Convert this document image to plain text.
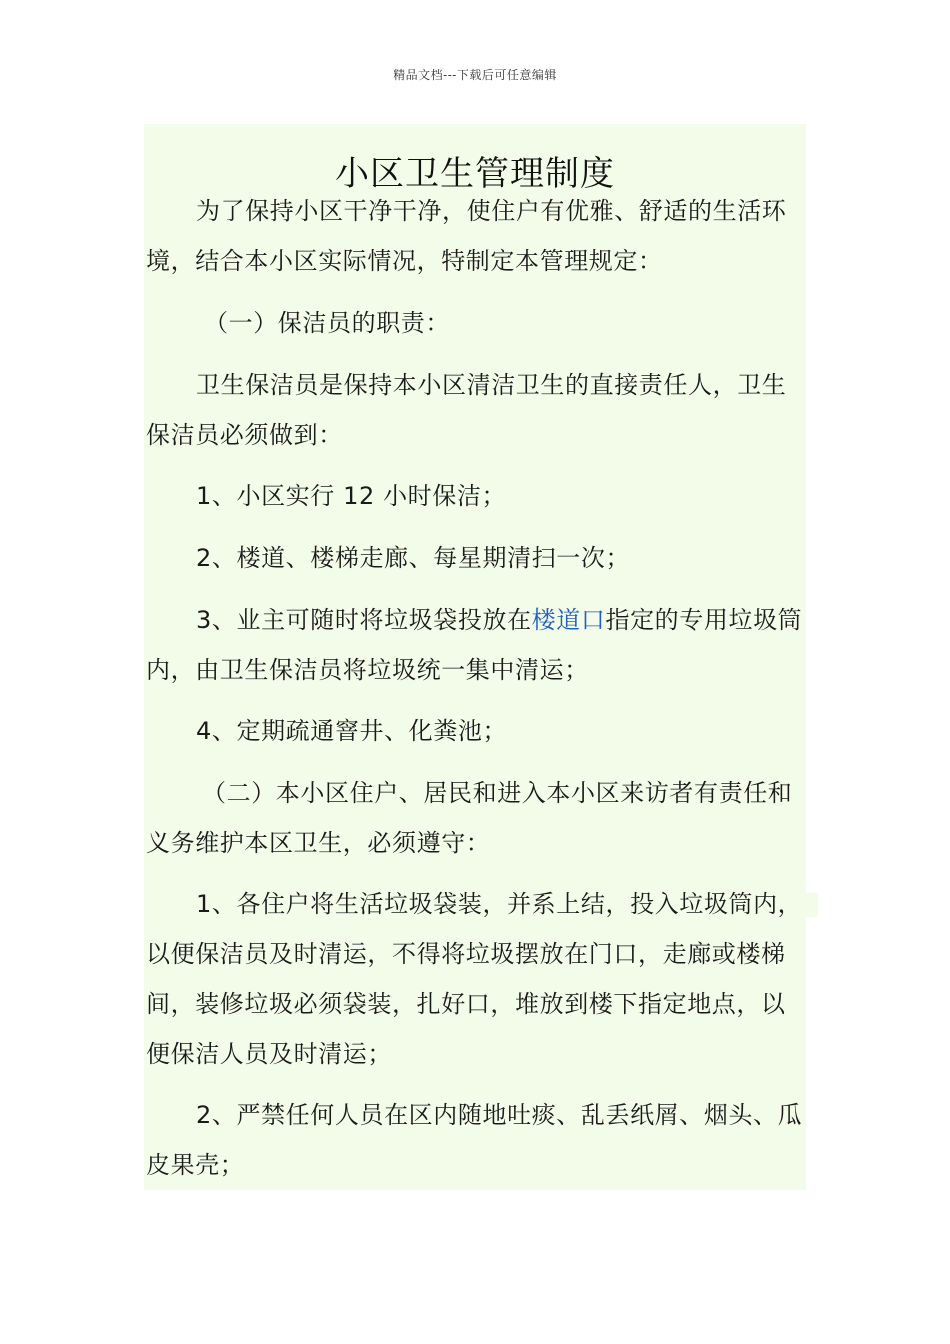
精品文档---下载后可任意编辑
小区卫生管理制度

为了保持小区干净干净，使住户有优雅、舒适的生活环境，结合本小区实际情况，特制定本管理规定：

（一）保洁员的职责：

卫生保洁员是保持本小区清洁卫生的直接责任人，卫生保洁员必须做到：

1、小区实行 12 小时保洁；

2、楼道、楼梯走廊、每星期清扫一次；

3、业主可随时将垃圾袋投放在楼道口指定的专用垃圾筒内，由卫生保洁员将垃圾统一集中清运；

4、定期疏通窨井、化粪池；

（二）本小区住户、居民和进入本小区来访者有责任和义务维护本区卫生，必须遵守：

1、各住户将生活垃圾袋装，并系上结，投入垃圾筒内，以便保洁员及时清运，不得将垃圾摆放在门口，走廊或楼梯间，装修垃圾必须袋装，扎好口，堆放到楼下指定地点，以便保洁人员及时清运；

2、严禁任何人员在区内随地吐痰、乱丢纸屑、烟头、瓜皮果壳；
